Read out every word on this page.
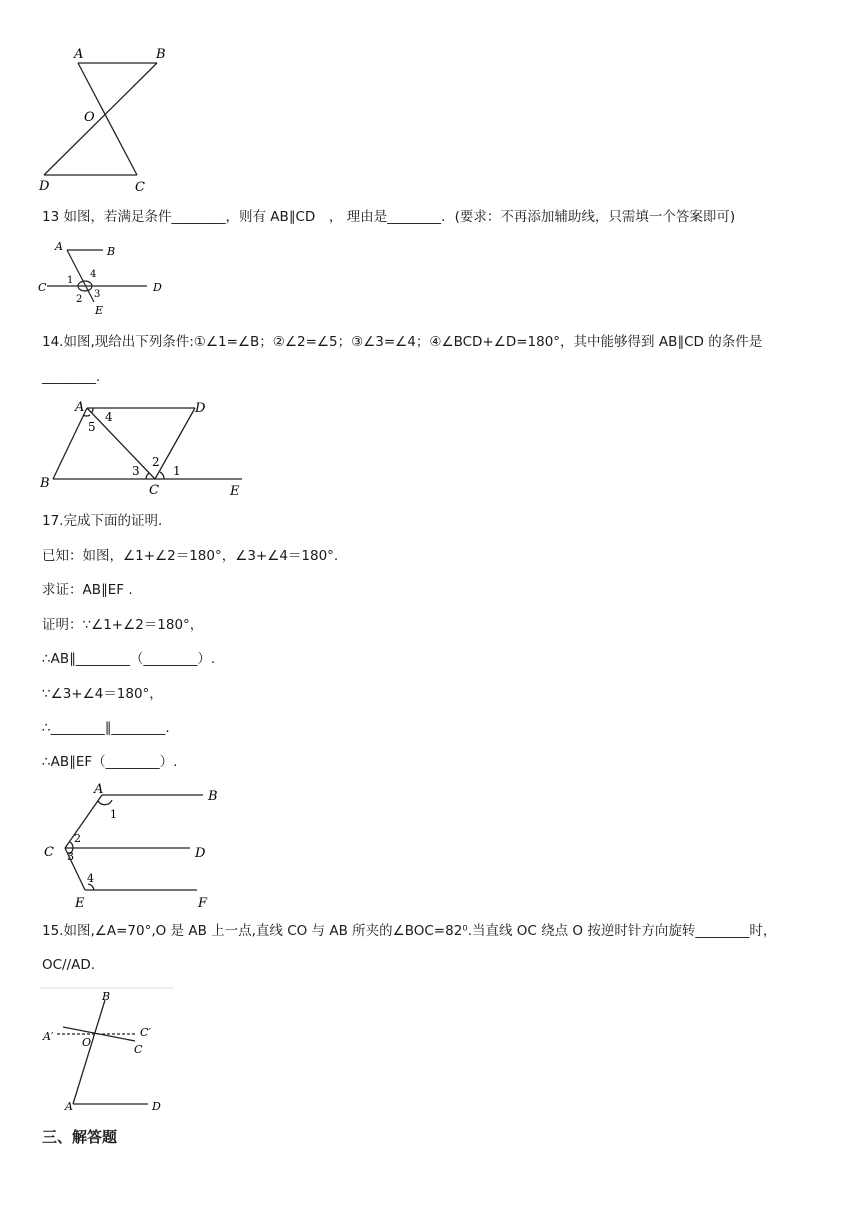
A	B
O
D	C
13 如图，若满足条件________，则有 AB∥CD　， 理由是________．(要求：不再添加辅助线，只需填一个答案即可)
A	B
C	D
E
1
4
2 3
14.如图,现给出下列条件:①∠1=∠B；②∠2=∠5；③∠3=∠4；④∠BCD+∠D=180°，其中能够得到 AB∥CD 的条件是
________.
A	D
B	C	E
4
5
3
2
1
17.完成下面的证明.
已知：如图，∠1+∠2＝180°，∠3+∠4＝180°.
求证：AB∥EF .
证明：∵∠1+∠2＝180°，
∴AB∥________（________）.
∵∠3+∠4＝180°，
∴________∥________.
∴AB∥EF（________）.
A	B
C	D
E	F
1
2
3
4
15.如图,∠A=70°,O 是 AB 上一点,直线 CO 与 AB 所夹的∠BOC=82⁰.当直线 OC 绕点 O 按逆时针方向旋转________时，
OC//AD.
B
A′	O
C′
C
A	D
三、解答题
